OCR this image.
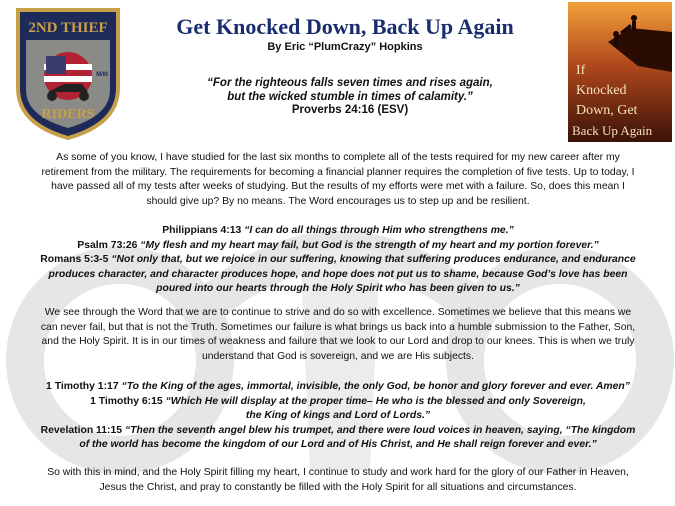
2ND THIEF
M/M
RIDERS
Get Knocked Down, Back Up Again
By Eric “PlumCrazy” Hopkins
If
Knocked
Down, Get
Back Up Again
“For the righteous falls seven times and rises again,
but the wicked stumble in times of calamity.”
Proverbs 24:16 (ESV)

As some of you know, I have studied for the last six months to complete all of the tests required for my new career after my
retirement from the military. The requirements for becoming a financial planner requires the completion of five tests. Up to today, I
have passed all of my tests after weeks of studying. But the results of my efforts were met with a failure. So, does this mean I
should give up? By no means. The Word encourages us to step up and be resilient.

Philippians 4:13 “I can do all things through Him who strengthens me.”
Psalm 73:26 “My flesh and my heart may fail, but God is the strength of my heart and my portion forever.”
Romans 5:3-5 “Not only that, but we rejoice in our suffering, knowing that suffering produces endurance, and endurance
produces character, and character produces hope, and hope does not put us to shame, because God’s love has been
poured into our hearts through the Holy Spirit who has been given to us.”

We see through the Word that we are to continue to strive and do so with excellence. Sometimes we believe that this means we
can never fail, but that is not the Truth. Sometimes our failure is what brings us back into a humble submission to the Father, Son,
and the Holy Spirit. It is in our times of weakness and failure that we look to our Lord and drop to our knees. This is when we truly
understand that God is sovereign, and we are His subjects.

1 Timothy 1:17 “To the King of the ages, immortal, invisible, the only God, be honor and glory forever and ever. Amen”
1 Timothy 6:15 “Which He will display at the proper time– He who is the blessed and only Sovereign,
the King of kings and Lord of Lords.”
Revelation 11:15 “Then the seventh angel blew his trumpet, and there were loud voices in heaven, saying, “The kingdom
of the world has become the kingdom of our Lord and of His Christ, and He shall reign forever and ever.”

So with this in mind, and the Holy Spirit filling my heart, I continue to study and work hard for the glory of our Father in Heaven,
Jesus the Christ, and pray to constantly be filled with the Holy Spirit for all situations and circumstances.
